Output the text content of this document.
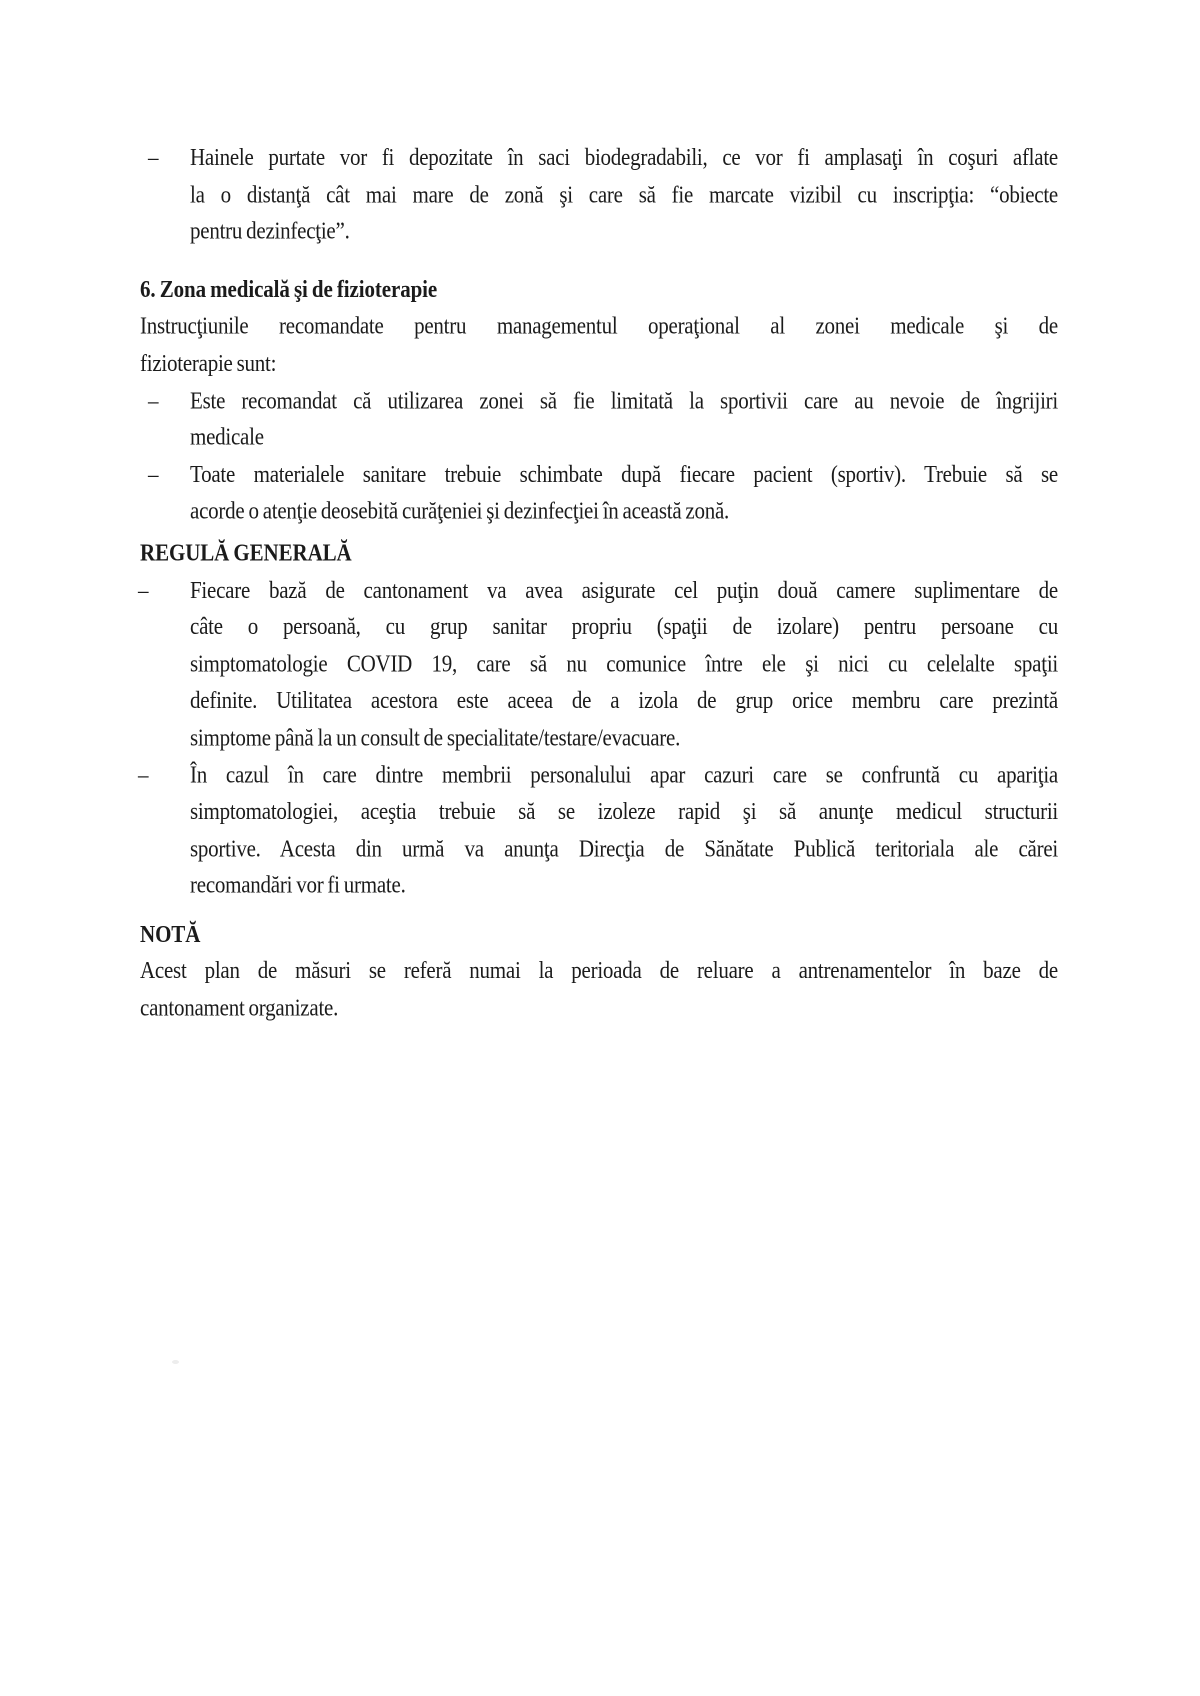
– Hainele purtate vor fi depozitate în saci biodegradabili, ce vor fi amplasaţi în coşuri aflate
la o distanţă cât mai mare de zonă şi care să fie marcate vizibil cu inscripţia: “obiecte
pentru dezinfecţie”.
6. Zona medicală şi de fizioterapie
Instrucţiunile recomandate pentru managementul operaţional al zonei medicale şi de
fizioterapie sunt:
– Este recomandat că utilizarea zonei să fie limitată la sportivii care au nevoie de îngrijiri
medicale
– Toate materialele sanitare trebuie schimbate după fiecare pacient (sportiv). Trebuie să se
acorde o atenţie deosebită curăţeniei şi dezinfecţiei în această zonă.
REGULĂ GENERALĂ
– Fiecare bază de cantonament va avea asigurate cel puţin două camere suplimentare de
câte o persoană, cu grup sanitar propriu (spaţii de izolare) pentru persoane cu
simptomatologie COVID 19, care să nu comunice între ele şi nici cu celelalte spaţii
definite. Utilitatea acestora este aceea de a izola de grup orice membru care prezintă
simptome până la un consult de specialitate/testare/evacuare.
– În cazul în care dintre membrii personalului apar cazuri care se confruntă cu apariţia
simptomatologiei, aceştia trebuie să se izoleze rapid şi să anunţe medicul structurii
sportive. Acesta din urmă va anunţa Direcţia de Sănătate Publică teritoriala ale cărei
recomandări vor fi urmate.
NOTĂ
Acest plan de măsuri se referă numai la perioada de reluare a antrenamentelor în baze de
cantonament organizate.
